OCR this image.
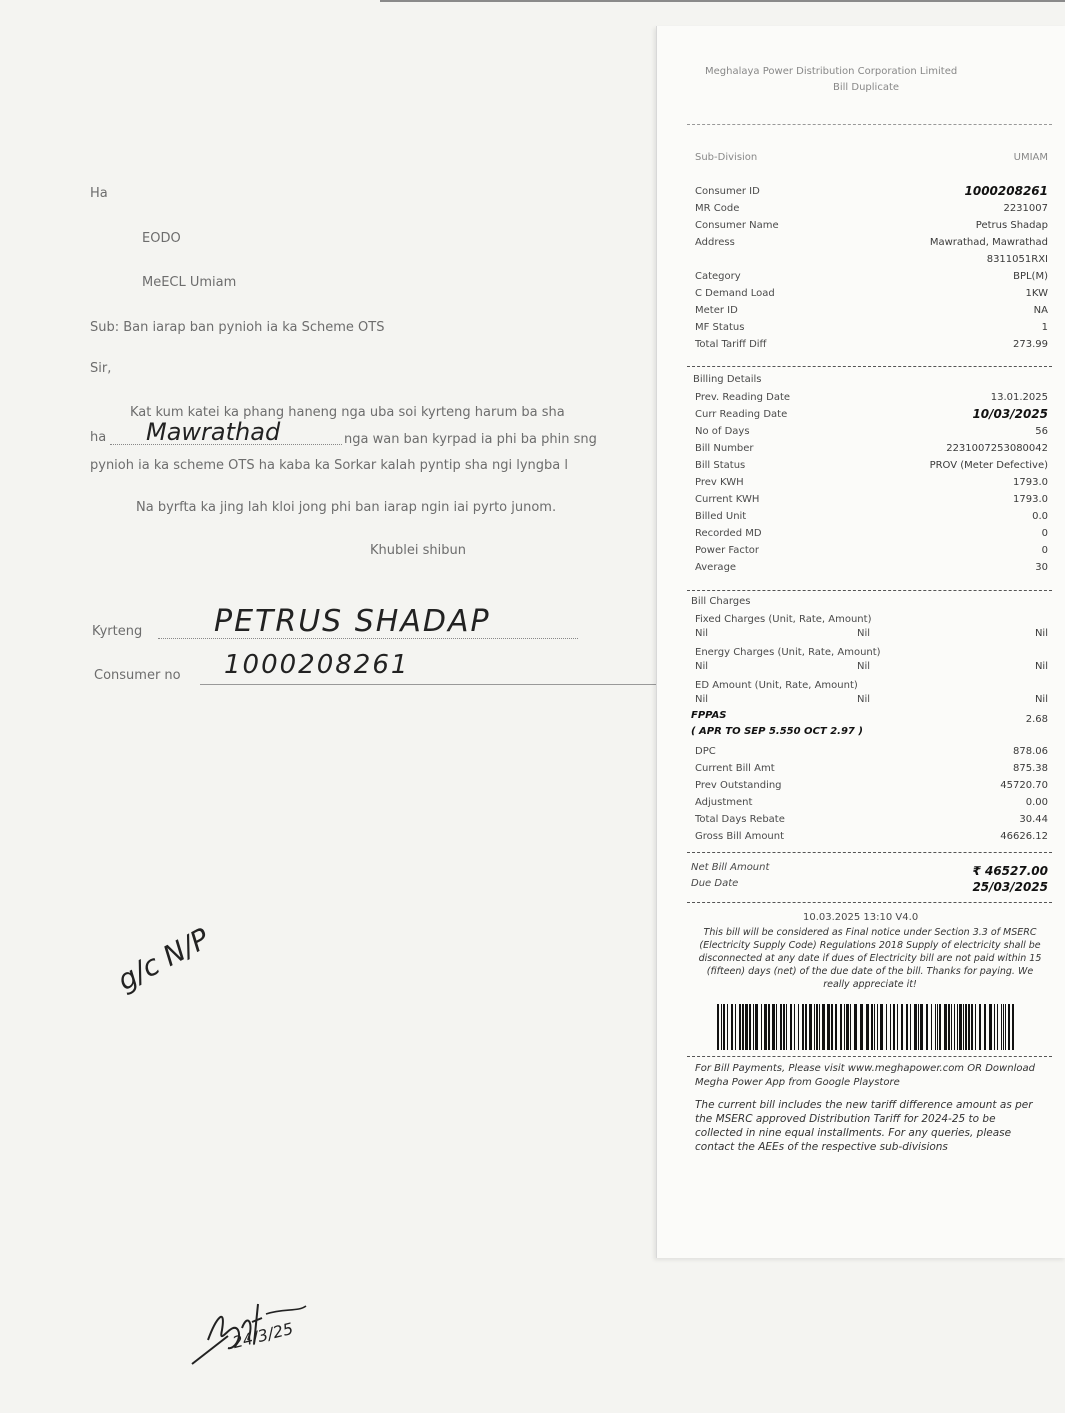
Ha
EODO
MeECL Umiam
Sub: Ban iarap ban pynioh ia ka Scheme OTS
Sir,
Kat kum katei ka phang haneng nga uba soi kyrteng harum ba sha
ha Mawrathad	nga wan ban kyrpad ia phi ba phin sng
pynioh ia ka scheme OTS ha kaba ka Sorkar kalah pyntip sha ngi lyngba l
Na byrfta ka jing lah kloi jong phi ban iarap ngin iai pyrto junom.
Khublei shibun
Kyrteng PETRUS SHADAP
Consumer no 1000208261
g/c N/P
24/3/25
Meghalaya Power Distribution Corporation Limited
Bill Duplicate
Sub-Division	UMIAM
Consumer ID	1000208261
MR Code	2231007
Consumer Name	Petrus Shadap
Address	Mawrathad, Mawrathad
8311051RXI
Category	BPL(M)
C Demand Load	1KW
Meter ID	NA
MF Status	1
Total Tariff Diff	273.99
Billing Details
Prev. Reading Date	13.01.2025
Curr Reading Date	10/03/2025
No of Days	56
Bill Number	2231007253080042
Bill Status	PROV (Meter Defective)
Prev KWH	1793.0
Current KWH	1793.0
Billed Unit	0.0
Recorded MD	0
Power Factor	0
Average	30
Bill Charges
Fixed Charges (Unit, Rate, Amount)
Nil	Nil	Nil
Energy Charges (Unit, Rate, Amount)
Nil	Nil	Nil
ED Amount (Unit, Rate, Amount)
Nil	Nil	Nil
FPPAS	2.68
( APR TO SEP 5.550 OCT 2.97 )
DPC	878.06
Current Bill Amt	875.38
Prev Outstanding	45720.70
Adjustment	0.00
Total Days Rebate	30.44
Gross Bill Amount	46626.12
Net Bill Amount	₹ 46527.00
Due Date	25/03/2025
10.03.2025 13:10 V4.0
This bill will be considered as Final notice under Section 3.3 of MSERC (Electricity Supply Code) Regulations 2018 Supply of electricity shall be disconnected at any date if dues of Electricity bill are not paid within 15 (fifteen) days (net) of the due date of the bill. Thanks for paying. We really appreciate it!
For Bill Payments, Please visit www.meghapower.com OR Download Megha Power App from Google Playstore
The current bill includes the new tariff difference amount as per the MSERC approved Distribution Tariff for 2024-25 to be collected in nine equal installments. For any queries, please contact the AEEs of the respective sub-divisions
